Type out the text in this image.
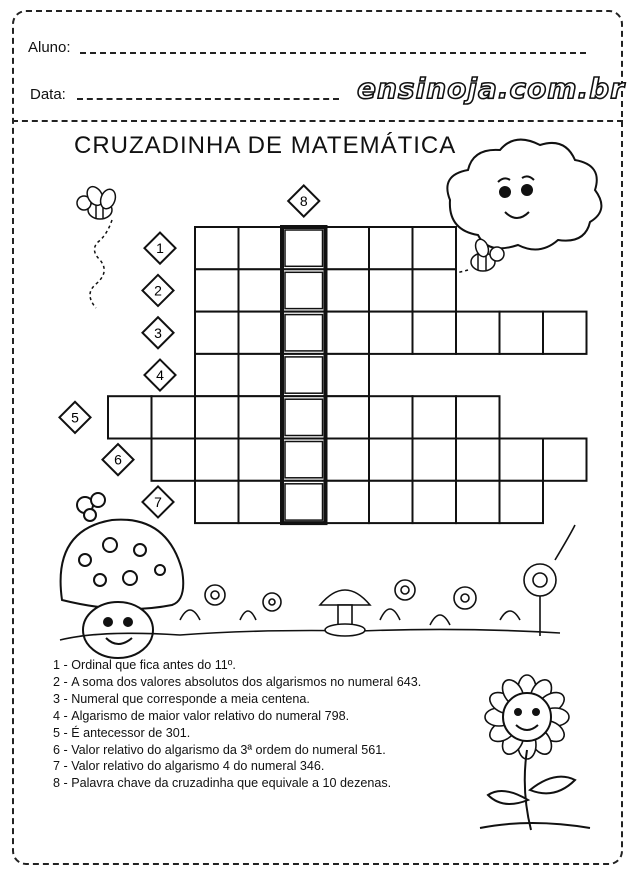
Aluno:
Data:	ensinoja.com.br
CRUZADINHA DE MATEMÁTICA
1
2
3
4
5
6
7
8
1 - Ordinal que fica antes do 11º.
2 - A soma dos valores absolutos dos algarismos no numeral 643.
3 - Numeral que corresponde a meia centena.
4 - Algarismo de maior valor relativo do numeral 798.
5 - É antecessor de 301.
6 - Valor relativo do algarismo da 3ª ordem do numeral 561.
7 - Valor relativo do algarismo 4 do numeral 346.
8 - Palavra chave da cruzadinha que equivale a 10 dezenas.
